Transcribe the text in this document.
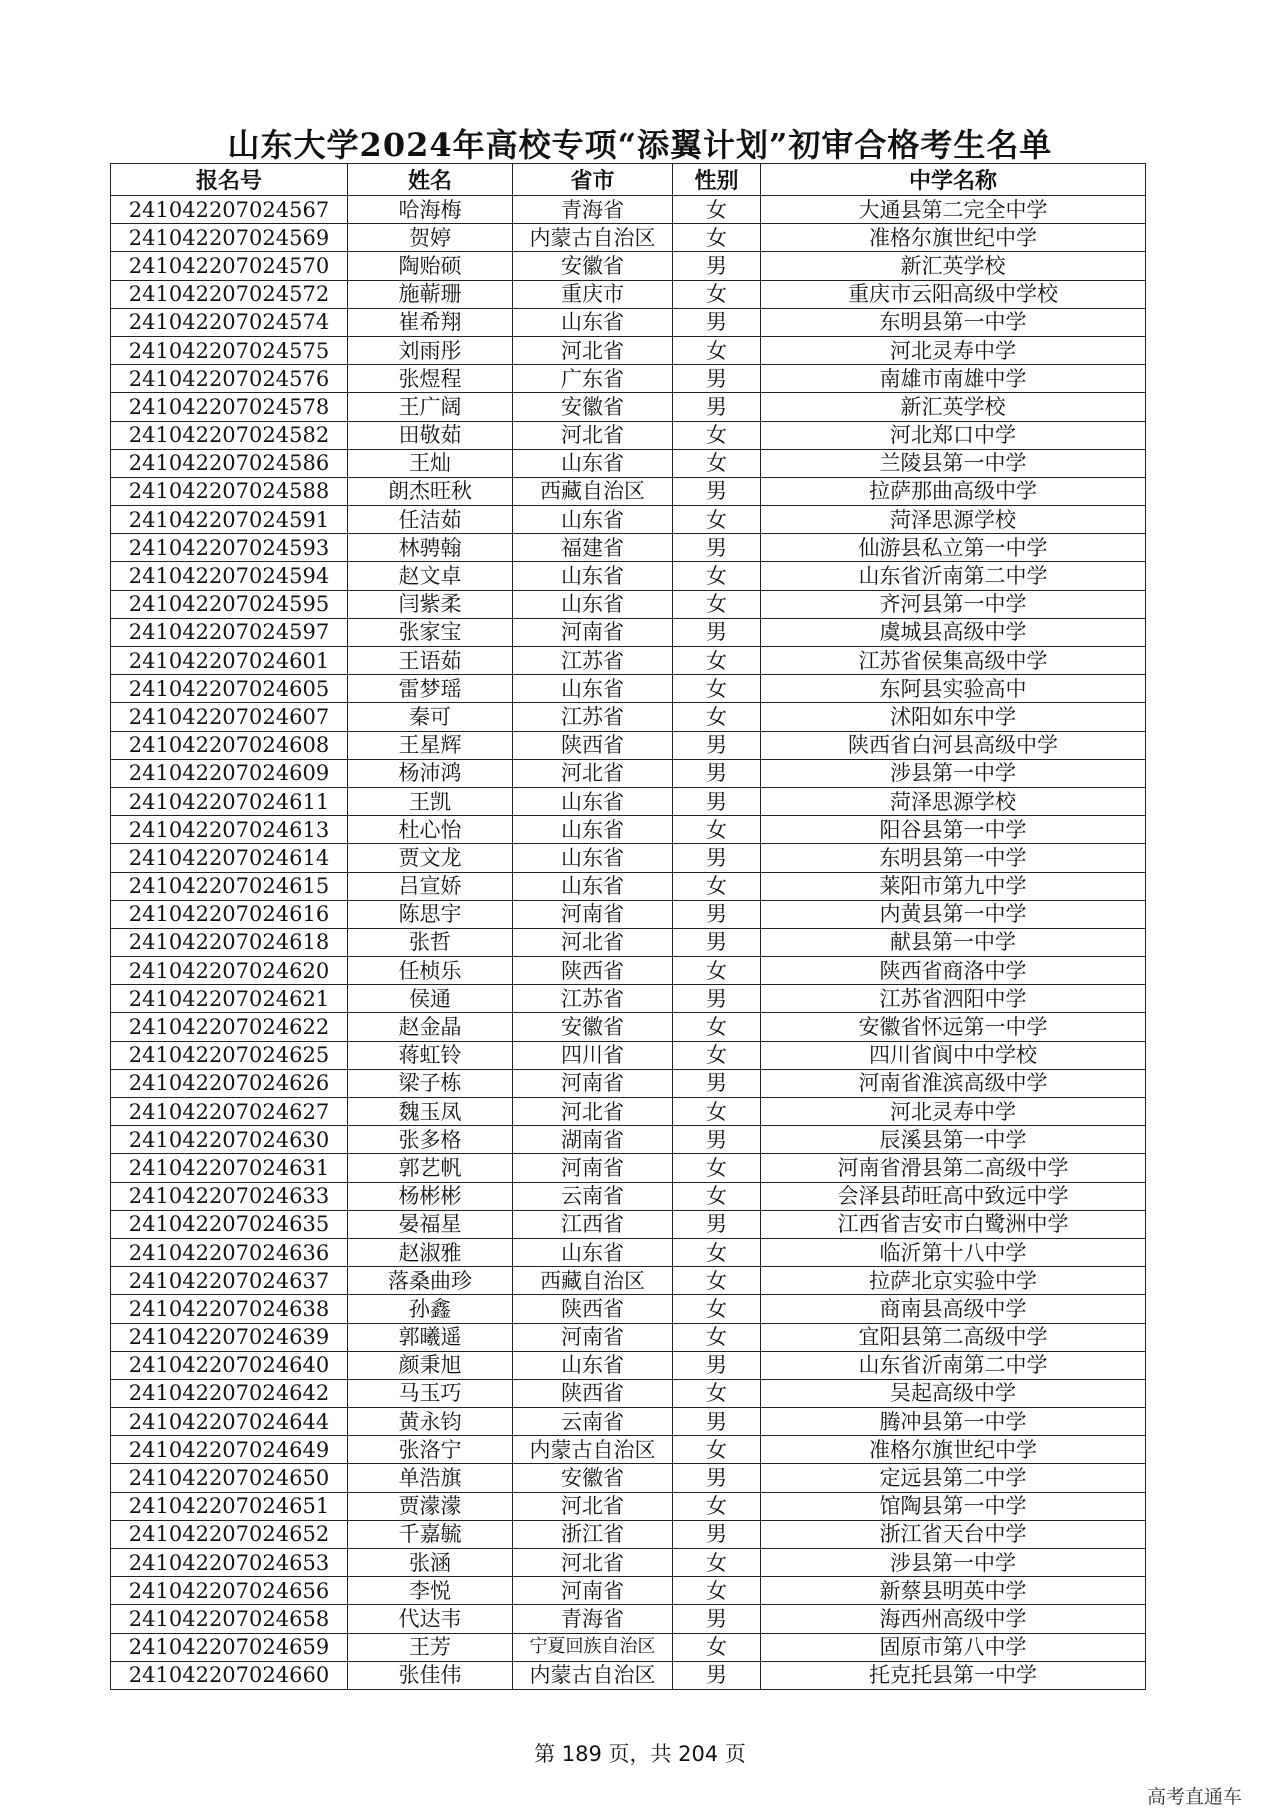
山东大学2024年高校专项“添翼计划”初审合格考生名单
报名号	姓名	省市	性别	中学名称
241042207024567	哈海梅	青海省	女	大通县第二完全中学
241042207024569	贺婷	内蒙古自治区	女	准格尔旗世纪中学
241042207024570	陶贻硕	安徽省	男	新汇英学校
241042207024572	施蕲珊	重庆市	女	重庆市云阳高级中学校
241042207024574	崔希翔	山东省	男	东明县第一中学
241042207024575	刘雨彤	河北省	女	河北灵寿中学
241042207024576	张煜程	广东省	男	南雄市南雄中学
241042207024578	王广阔	安徽省	男	新汇英学校
241042207024582	田敬茹	河北省	女	河北郑口中学
241042207024586	王灿	山东省	女	兰陵县第一中学
241042207024588	朗杰旺秋	西藏自治区	男	拉萨那曲高级中学
241042207024591	任洁茹	山东省	女	菏泽思源学校
241042207024593	林骋翰	福建省	男	仙游县私立第一中学
241042207024594	赵文卓	山东省	女	山东省沂南第二中学
241042207024595	闫紫柔	山东省	女	齐河县第一中学
241042207024597	张家宝	河南省	男	虞城县高级中学
241042207024601	王语茹	江苏省	女	江苏省侯集高级中学
241042207024605	雷梦瑶	山东省	女	东阿县实验高中
241042207024607	秦可	江苏省	女	沭阳如东中学
241042207024608	王星辉	陕西省	男	陕西省白河县高级中学
241042207024609	杨沛鸿	河北省	男	涉县第一中学
241042207024611	王凯	山东省	男	菏泽思源学校
241042207024613	杜心怡	山东省	女	阳谷县第一中学
241042207024614	贾文龙	山东省	男	东明县第一中学
241042207024615	吕宣娇	山东省	女	莱阳市第九中学
241042207024616	陈思宇	河南省	男	内黄县第一中学
241042207024618	张哲	河北省	男	献县第一中学
241042207024620	任桢乐	陕西省	女	陕西省商洛中学
241042207024621	侯通	江苏省	男	江苏省泗阳中学
241042207024622	赵金晶	安徽省	女	安徽省怀远第一中学
241042207024625	蒋虹铃	四川省	女	四川省阆中中学校
241042207024626	梁子栋	河南省	男	河南省淮滨高级中学
241042207024627	魏玉凤	河北省	女	河北灵寿中学
241042207024630	张多格	湖南省	男	辰溪县第一中学
241042207024631	郭艺帆	河南省	女	河南省滑县第二高级中学
241042207024633	杨彬彬	云南省	女	会泽县茚旺高中致远中学
241042207024635	晏福星	江西省	男	江西省吉安市白鹭洲中学
241042207024636	赵淑雅	山东省	女	临沂第十八中学
241042207024637	落桑曲珍	西藏自治区	女	拉萨北京实验中学
241042207024638	孙鑫	陕西省	女	商南县高级中学
241042207024639	郭曦遥	河南省	女	宜阳县第二高级中学
241042207024640	颜秉旭	山东省	男	山东省沂南第二中学
241042207024642	马玉巧	陕西省	女	吴起高级中学
241042207024644	黄永钧	云南省	男	腾冲县第一中学
241042207024649	张洛宁	内蒙古自治区	女	准格尔旗世纪中学
241042207024650	单浩旗	安徽省	男	定远县第二中学
241042207024651	贾濛濛	河北省	女	馆陶县第一中学
241042207024652	千嘉毓	浙江省	男	浙江省天台中学
241042207024653	张涵	河北省	女	涉县第一中学
241042207024656	李悦	河南省	女	新蔡县明英中学
241042207024658	代达韦	青海省	男	海西州高级中学
241042207024659	王芳	宁夏回族自治区	女	固原市第八中学
241042207024660	张佳伟	内蒙古自治区	男	托克托县第一中学
第 189 页，共 204 页
高考直通车
